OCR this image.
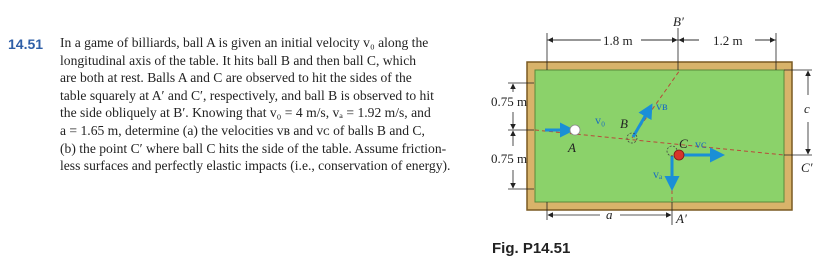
14.51 In a game of billiards, ball A is given an initial velocity v₀ along the
longitudinal axis of the table. It hits ball B and then ball C, which
are both at rest. Balls A and C are observed to hit the sides of the
table squarely at A′ and C′, respectively, and ball B is observed to hit
the side obliquely at B′. Knowing that v₀ = 4 m/s, vₐ = 1.92 m/s, and
a = 1.65 m, determine (a) the velocities vʙ and vᴄ of balls B and C,
(b) the point C′ where ball C hits the side of the table. Assume friction-
less surfaces and perfectly elastic impacts (i.e., conservation of energy).
1.8 m	1.2 m
B′
0.75 m
0.75 m
c
C′
a	A′
A
B
C
v₀
vʙ
vₐ
vᴄ
Fig. P14.51
